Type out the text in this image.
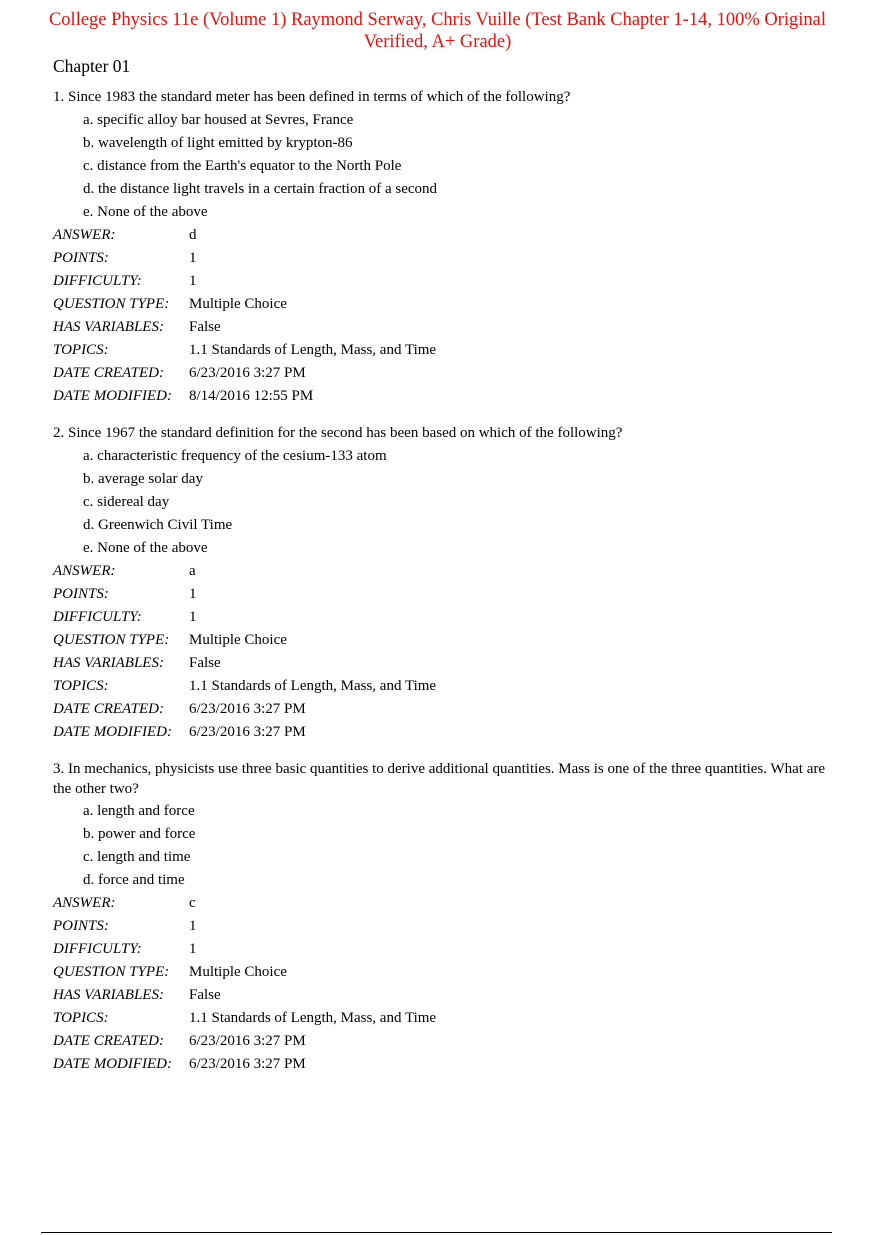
College Physics 11e (Volume 1) Raymond Serway, Chris Vuille (Test Bank Chapter 1-14, 100% Original
Verified, A+ Grade)
Chapter 01
1. Since 1983 the standard meter has been defined in terms of which of the following?
a. specific alloy bar housed at Sevres, France
b. wavelength of light emitted by krypton-86
c. distance from the Earth's equator to the North Pole
d. the distance light travels in a certain fraction of a second
e. None of the above
ANSWER:	d
POINTS:	1
DIFFICULTY:	1
QUESTION TYPE:	Multiple Choice
HAS VARIABLES:	False
TOPICS:	1.1 Standards of Length, Mass, and Time
DATE CREATED:	6/23/2016 3:27 PM
DATE MODIFIED:	8/14/2016 12:55 PM
2. Since 1967 the standard definition for the second has been based on which of the following?
a. characteristic frequency of the cesium-133 atom
b. average solar day
c. sidereal day
d. Greenwich Civil Time
e. None of the above
ANSWER:	a
POINTS:	1
DIFFICULTY:	1
QUESTION TYPE:	Multiple Choice
HAS VARIABLES:	False
TOPICS:	1.1 Standards of Length, Mass, and Time
DATE CREATED:	6/23/2016 3:27 PM
DATE MODIFIED:	6/23/2016 3:27 PM
3. In mechanics, physicists use three basic quantities to derive additional quantities. Mass is one of the three quantities. What are the other two?
a. length and force
b. power and force
c. length and time
d. force and time
ANSWER:	c
POINTS:	1
DIFFICULTY:	1
QUESTION TYPE:	Multiple Choice
HAS VARIABLES:	False
TOPICS:	1.1 Standards of Length, Mass, and Time
DATE CREATED:	6/23/2016 3:27 PM
DATE MODIFIED:	6/23/2016 3:27 PM
